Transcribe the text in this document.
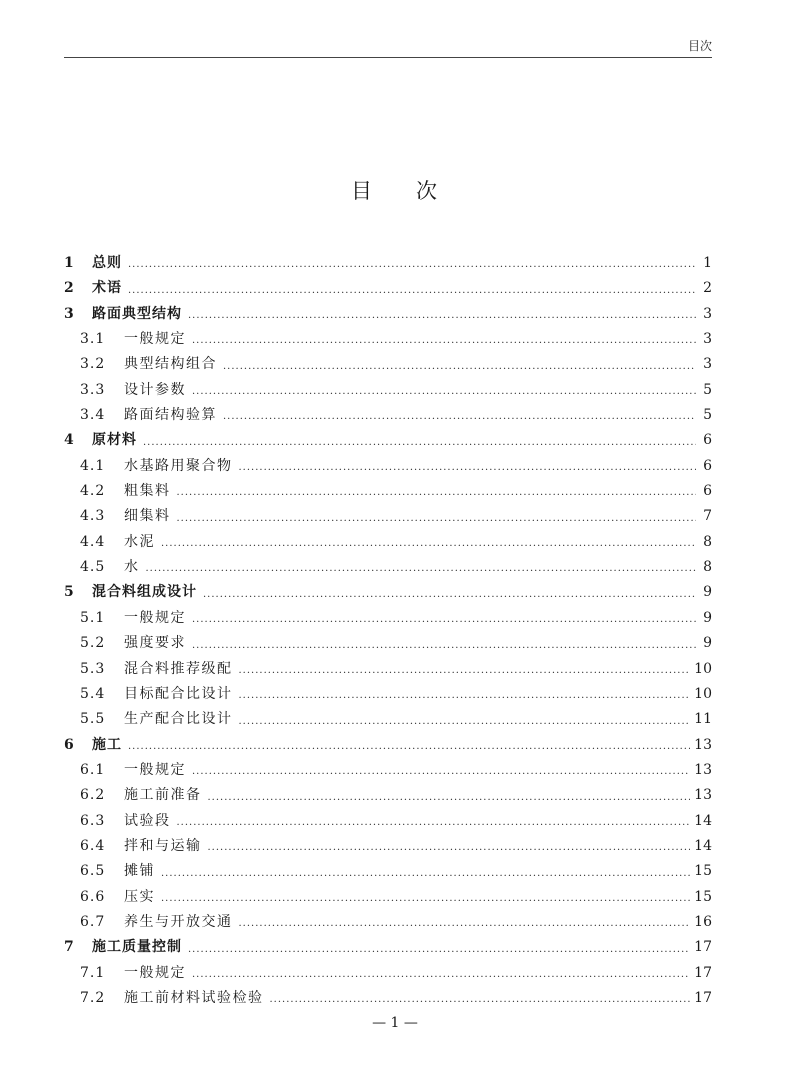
目次
目 次
1	总则 ·····	1
2	术语 ·····	2
3	路面典型结构 ·····	3
3.1	一般规定 ·····	3
3.2	典型结构组合 ·····	3
3.3	设计参数 ·····	5
3.4	路面结构验算 ·····	5
4	原材料 ·····	6
4.1	水基路用聚合物 ·····	6
4.2	粗集料 ·····	6
4.3	细集料 ·····	7
4.4	水泥 ·····	8
4.5	水 ·····	8
5	混合料组成设计 ·····	9
5.1	一般规定 ·····	9
5.2	强度要求 ·····	9
5.3	混合料推荐级配 ·····	10
5.4	目标配合比设计 ·····	10
5.5	生产配合比设计 ·····	11
6	施工 ·····	13
6.1	一般规定 ·····	13
6.2	施工前准备 ·····	13
6.3	试验段 ·····	14
6.4	拌和与运输 ·····	14
6.5	摊铺 ·····	15
6.6	压实 ·····	15
6.7	养生与开放交通 ·····	16
7	施工质量控制 ·····	17
7.1	一般规定 ·····	17
7.2	施工前材料试验检验 ·····	17
— 1 —
